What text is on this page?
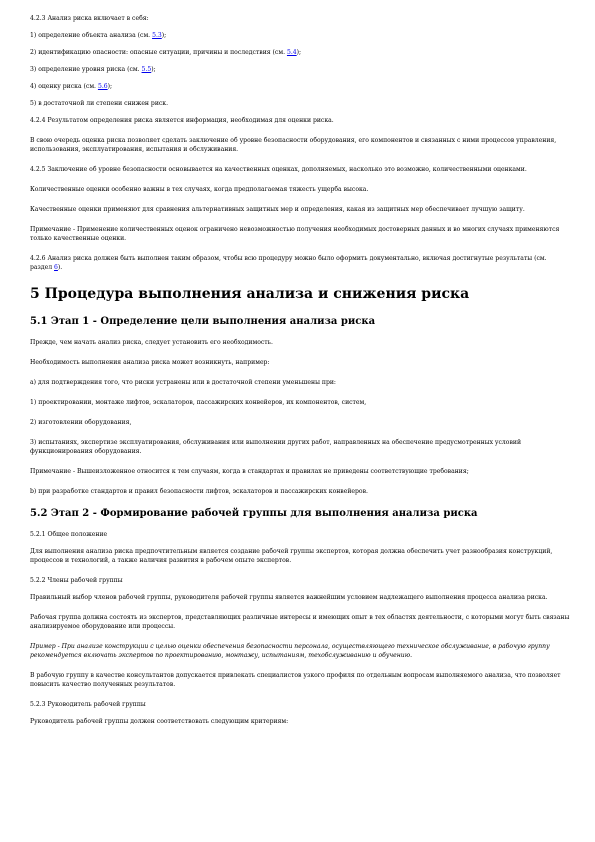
4.2.3 Анализ риска включает в себя:

1) определение объекта анализа (см. 5.3);

2) идентификацию опасности: опасные ситуации, причины и последствия (см. 5.4);

3) определение уровня риска (см. 5.5);

4) оценку риска (см. 5.6);

5) в достаточной ли степени снижен риск.

4.2.4 Результатом определения риска является информация, необходимая для оценки риска.

В свою очередь оценка риска позволяет сделать заключение об уровне безопасности оборудования, его компонентов и связанных с ними процессов управления, использования, эксплуатирования, испытания и обслуживания.

4.2.5 Заключение об уровне безопасности основывается на качественных оценках, дополняемых, насколько это возможно, количественными оценками.

Количественные оценки особенно важны в тех случаях, когда предполагаемая тяжесть ущерба высока.

Качественные оценки применяют для сравнения альтернативных защитных мер и определения, какая из защитных мер обеспечивает лучшую защиту.

Примечание - Применение количественных оценок ограничено невозможностью получения необходимых достоверных данных и во многих случаях применяются только качественные оценки.

4.2.6 Анализ риска должен быть выполнен таким образом, чтобы всю процедуру можно было оформить документально, включая достигнутые результаты (см. раздел 6).

5 Процедура выполнения анализа и снижения риска
5.1 Этап 1 - Определение цели выполнения анализа риска

Прежде, чем начать анализ риска, следует установить его необходимость.

Необходимость выполнения анализа риска может возникнуть, например:

а) для подтверждения того, что риски устранены или в достаточной степени уменьшены при:

1) проектировании, монтаже лифтов, эскалаторов, пассажирских конвейеров, их компонентов, систем,

2) изготовлении оборудования,

3) испытаниях, экспертизе эксплуатирования, обслуживания или выполнении других работ, направленных на обеспечение предусмотренных условий функционирования оборудования.

Примечание - Вышеизложенное относится к тем случаям, когда в стандартах и правилах не приведены соответствующие требования;

b) при разработке стандартов и правил безопасности лифтов, эскалаторов и пассажирских конвейеров.

5.2 Этап 2 - Формирование рабочей группы для выполнения анализа риска

5.2.1 Общее положение

Для выполнения анализа риска предпочтительным является создание рабочей группы экспертов, которая должна обеспечить учет разнообразия конструкций, процессов и технологий, а также наличия развития в рабочем опыте экспертов.

5.2.2 Члены рабочей группы

Правильный выбор членов рабочей группы, руководителя рабочей группы является важнейшим условием надлежащего выполнения процесса анализа риска.

Рабочая группа должна состоять из экспертов, представляющих различные интересы и имеющих опыт в тех областях деятельности, с которыми могут быть связаны анализируемое оборудование или процессы.

Пример - При анализе конструкции с целью оценки обеспечения безопасности персонала, осуществляющего техническое обслуживание, в рабочую группу рекомендуется включать экспертов по проектированию, монтажу, испытаниям, техобслуживанию и обучению.

В рабочую группу в качестве консультантов допускается привлекать специалистов узкого профиля по отдельным вопросам выполняемого анализа, что позволяет повысить качество полученных результатов.

5.2.3 Руководитель рабочей группы

Руководитель рабочей группы должен соответствовать следующим критериям:
